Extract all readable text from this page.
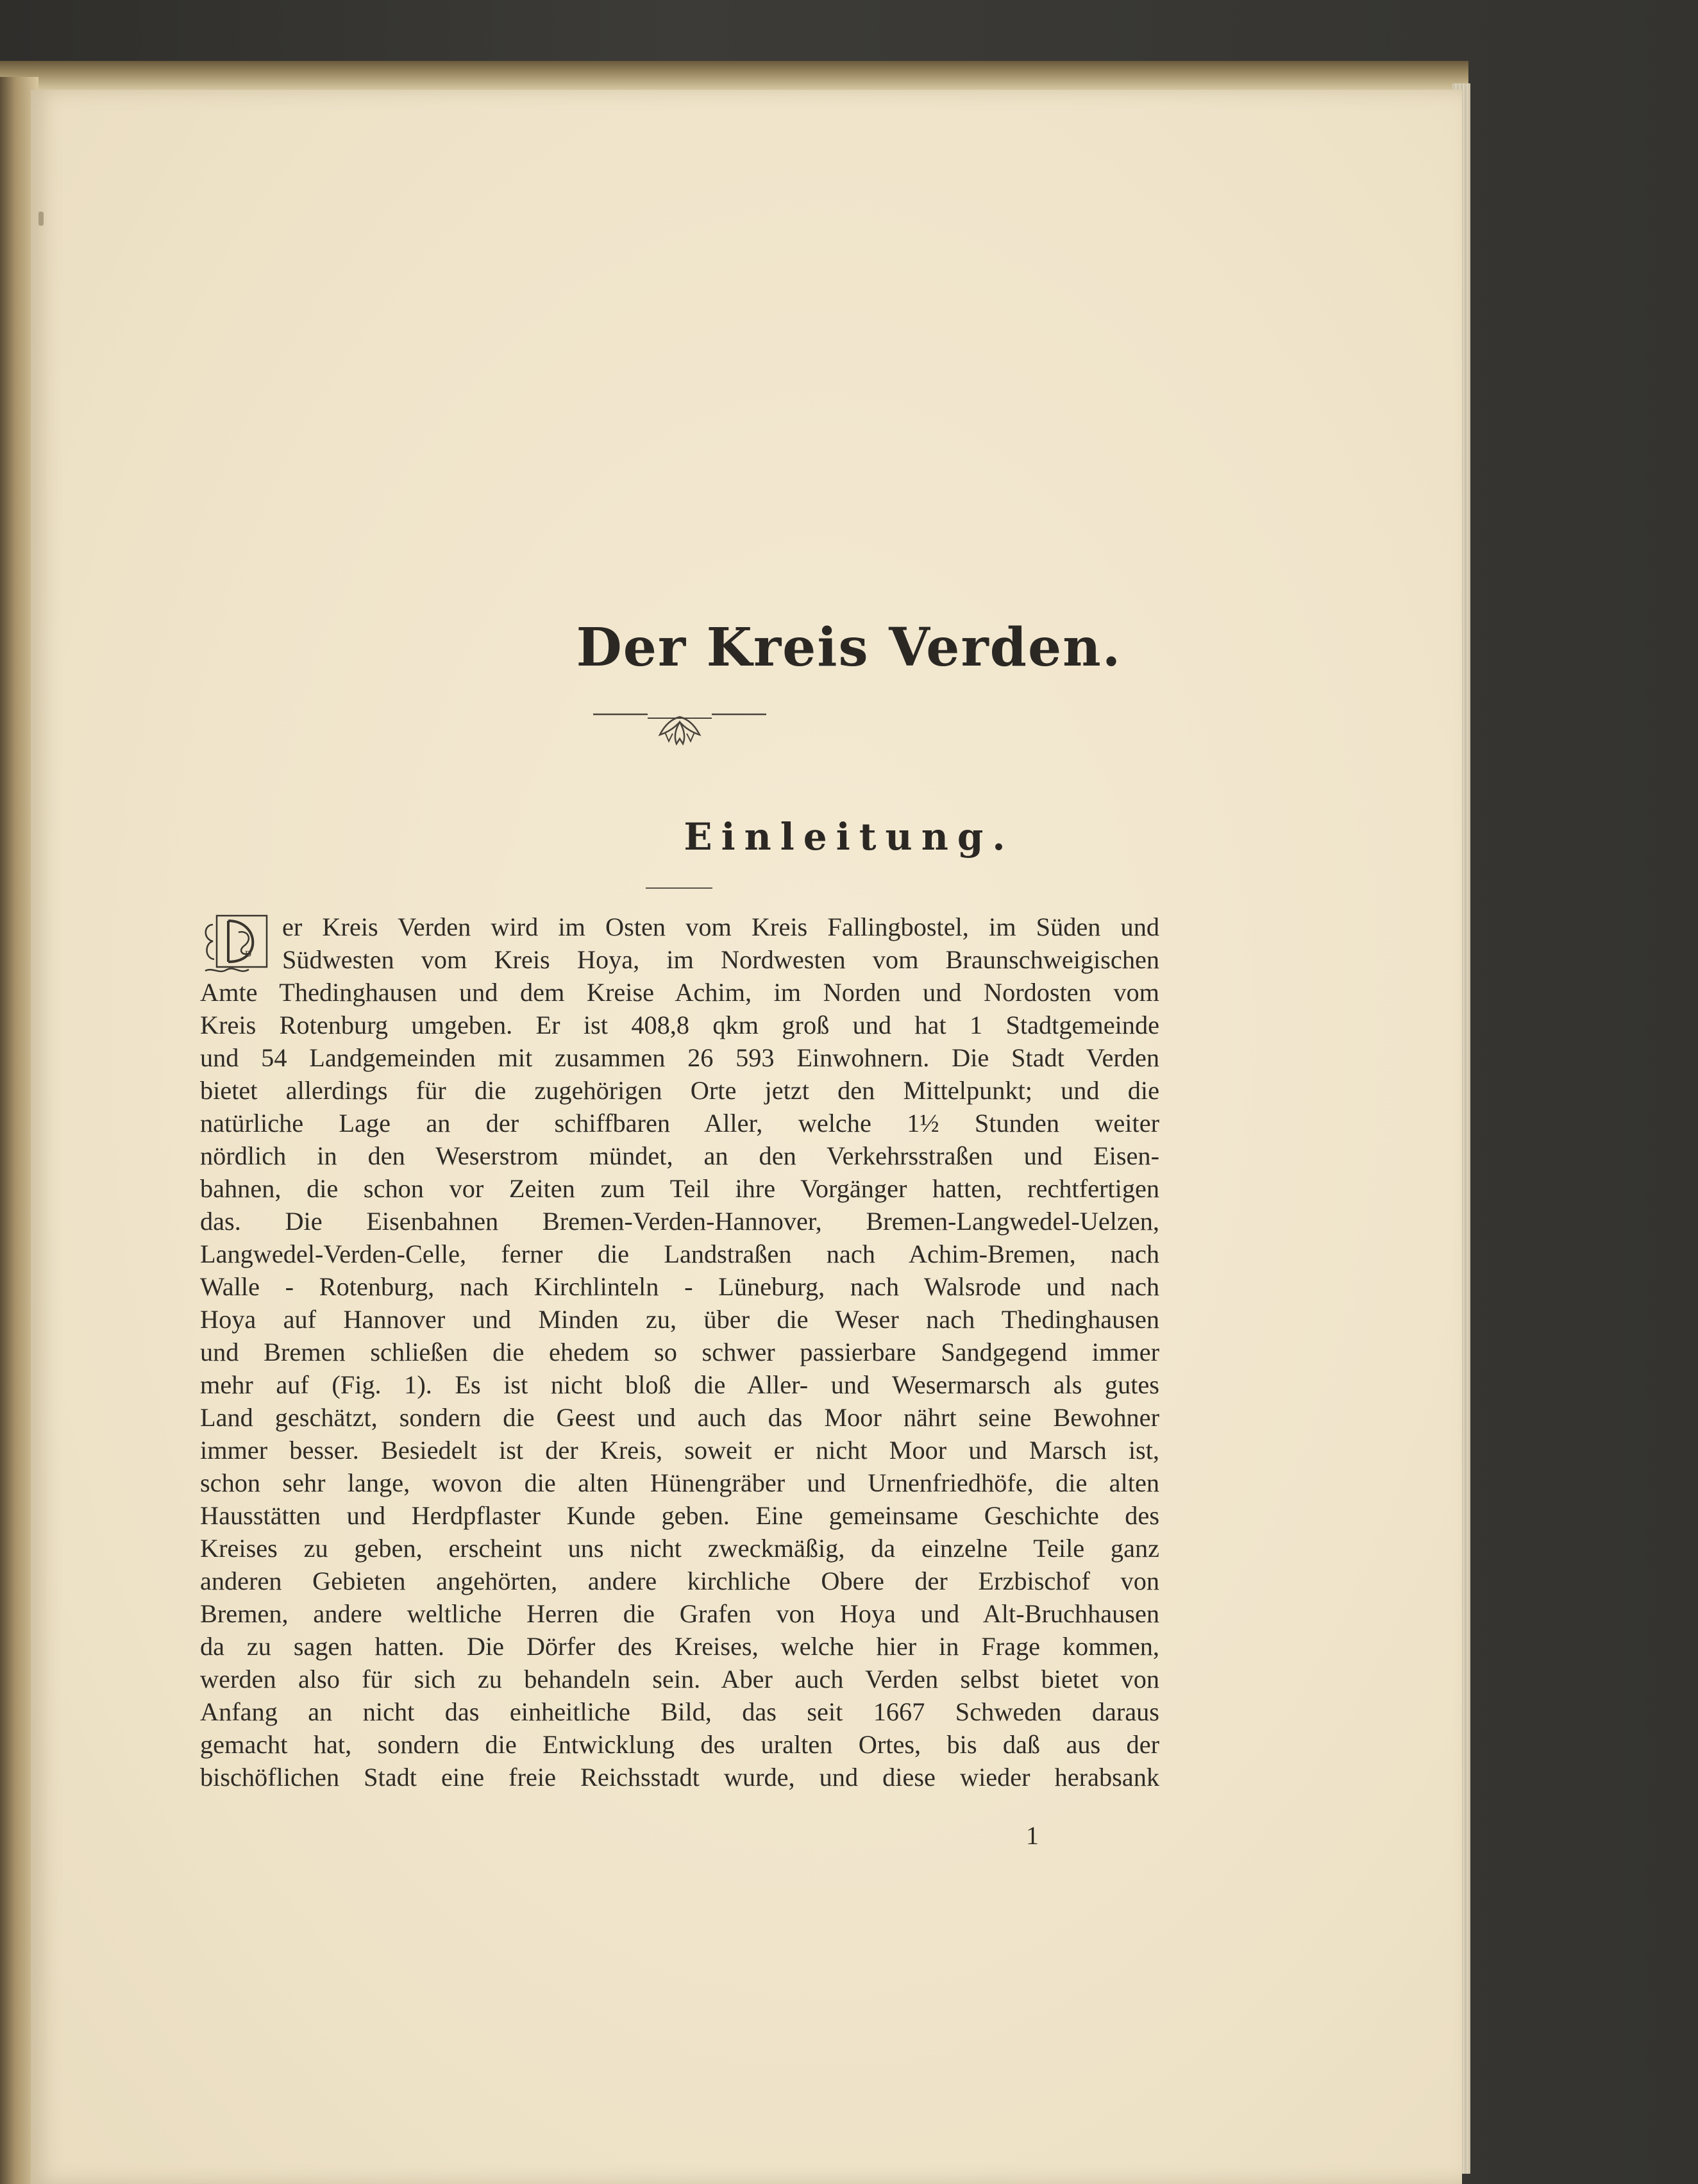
Der Kreis Verden.
Einleitung.
D
er Kreis Verden wird im Osten vom Kreis Fallingbostel, im Süden und
Südwesten vom Kreis Hoya, im Nordwesten vom Braunschweigischen
Amte Thedinghausen und dem Kreise Achim, im Norden und Nordosten vom
Kreis Rotenburg umgeben. Er ist 408,8 qkm groß und hat 1 Stadtgemeinde
und 54 Landgemeinden mit zusammen 26 593 Einwohnern. Die Stadt Verden
bietet allerdings für die zugehörigen Orte jetzt den Mittelpunkt; und die
natürliche Lage an der schiffbaren Aller, welche 1½ Stunden weiter
nördlich in den Weserstrom mündet, an den Verkehrsstraßen und Eisen-
bahnen, die schon vor Zeiten zum Teil ihre Vorgänger hatten, rechtfertigen
das. Die Eisenbahnen Bremen-Verden-Hannover, Bremen-Langwedel-Uelzen,
Langwedel-Verden-Celle, ferner die Landstraßen nach Achim-Bremen, nach
Walle - Rotenburg, nach Kirchlinteln - Lüneburg, nach Walsrode und nach
Hoya auf Hannover und Minden zu, über die Weser nach Thedinghausen
und Bremen schließen die ehedem so schwer passierbare Sandgegend immer
mehr auf (Fig. 1). Es ist nicht bloß die Aller- und Wesermarsch als gutes
Land geschätzt, sondern die Geest und auch das Moor nährt seine Bewohner
immer besser. Besiedelt ist der Kreis, soweit er nicht Moor und Marsch ist,
schon sehr lange, wovon die alten Hünengräber und Urnenfriedhöfe, die alten
Hausstätten und Herdpflaster Kunde geben. Eine gemeinsame Geschichte des
Kreises zu geben, erscheint uns nicht zweckmäßig, da einzelne Teile ganz
anderen Gebieten angehörten, andere kirchliche Obere der Erzbischof von
Bremen, andere weltliche Herren die Grafen von Hoya und Alt-Bruchhausen
da zu sagen hatten. Die Dörfer des Kreises, welche hier in Frage kommen,
werden also für sich zu behandeln sein. Aber auch Verden selbst bietet von
Anfang an nicht das einheitliche Bild, das seit 1667 Schweden daraus
gemacht hat, sondern die Entwicklung des uralten Ortes, bis daß aus der
bischöflichen Stadt eine freie Reichsstadt wurde, und diese wieder herabsank
1
